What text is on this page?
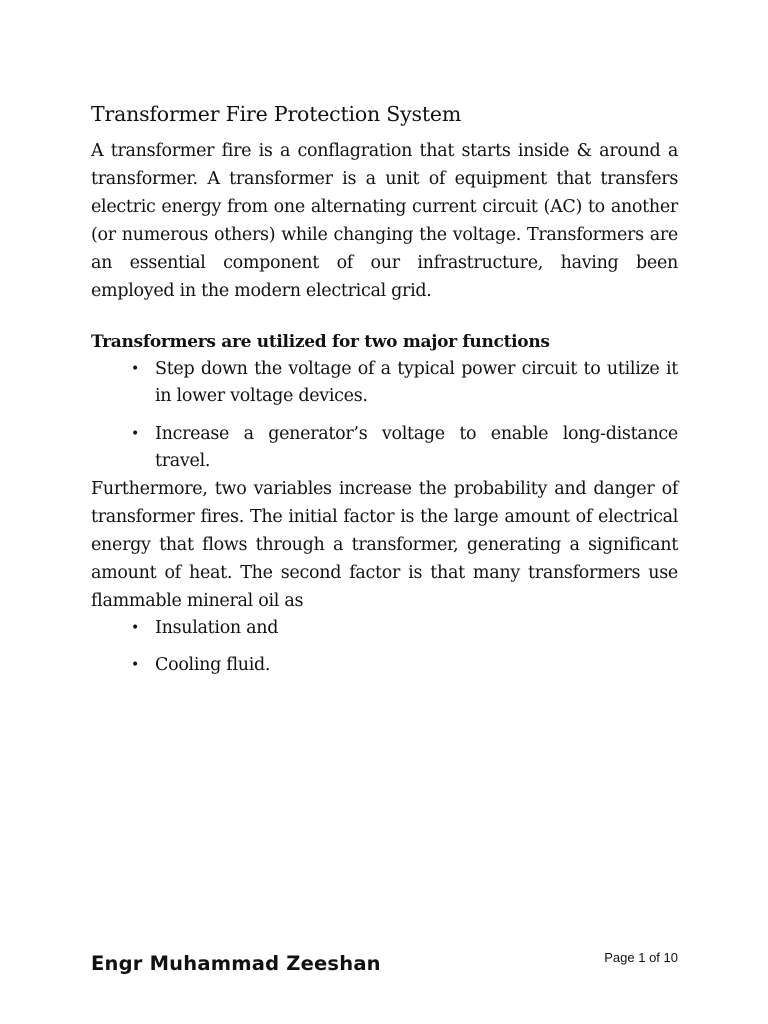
Transformer Fire Protection System

A transformer fire is a conflagration that starts inside & around a transformer. A transformer is a unit of equipment that transfers electric energy from one alternating current circuit (AC) to another (or numerous others) while changing the voltage. Transformers are an essential component of our infrastructure, having been employed in the modern electrical grid.

Transformers are utilized for two major functions
• Step down the voltage of a typical power circuit to utilize it in lower voltage devices.
• Increase a generator’s voltage to enable long-distance travel.

Furthermore, two variables increase the probability and danger of transformer fires. The initial factor is the large amount of electrical energy that flows through a transformer, generating a significant amount of heat. The second factor is that many transformers use flammable mineral oil as

• Insulation and
• Cooling fluid.
Engr Muhammad Zeeshan	Page 1 of 10
